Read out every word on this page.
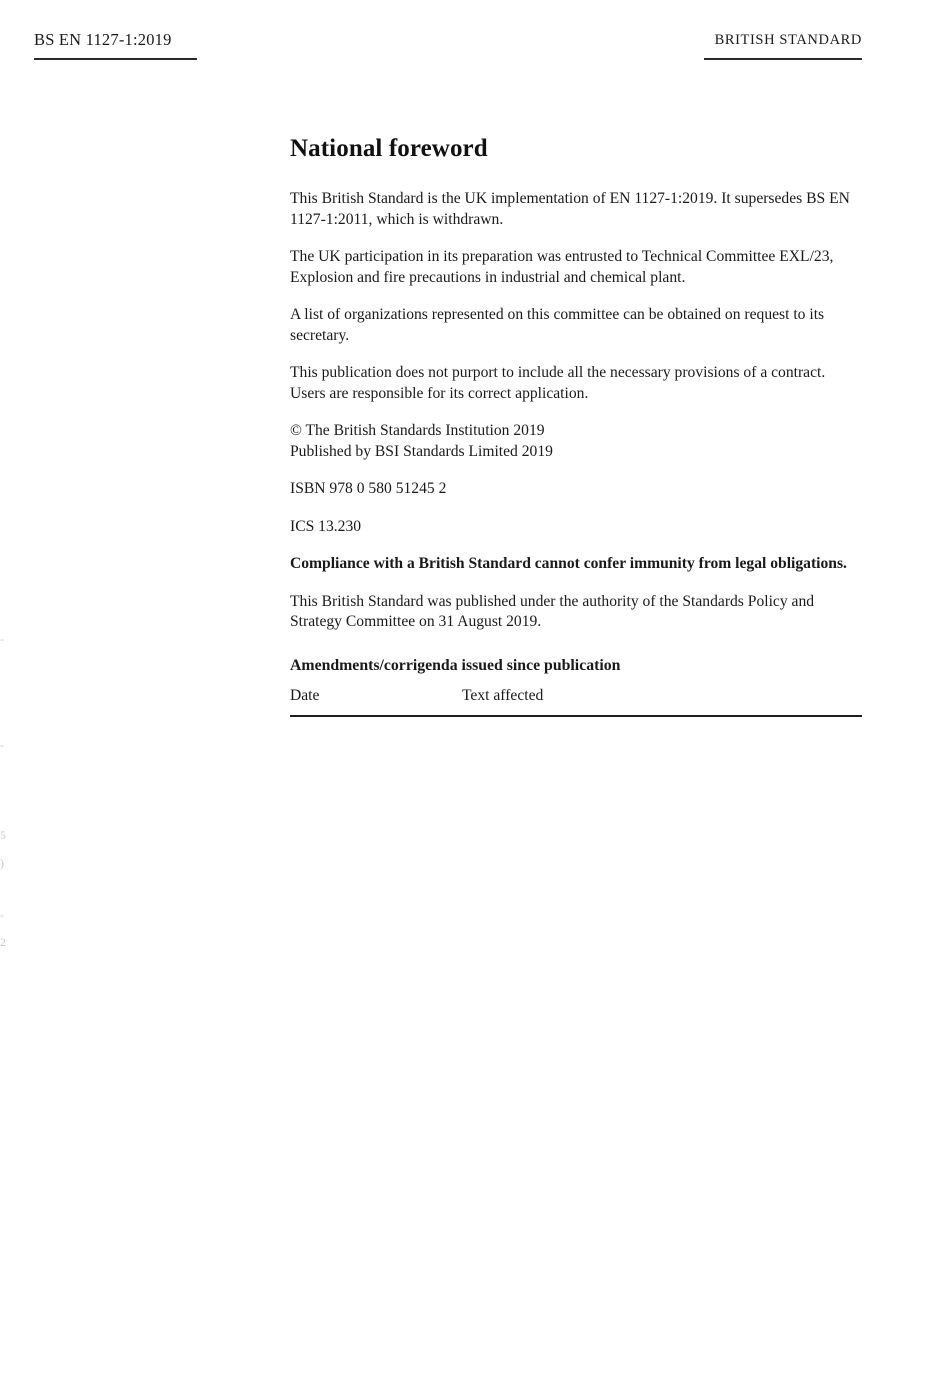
BS EN 1127-1:2019	BRITISH STANDARD
National foreword

This British Standard is the UK implementation of EN 1127-1:2019. It supersedes BS EN 1127-1:2011, which is withdrawn.

The UK participation in its preparation was entrusted to Technical Committee EXL/23, Explosion and fire precautions in industrial and chemical plant.

A list of organizations represented on this committee can be obtained on request to its secretary.

This publication does not purport to include all the necessary provisions of a contract. Users are responsible for its correct application.

© The British Standards Institution 2019
Published by BSI Standards Limited 2019

ISBN 978 0 580 51245 2

ICS 13.230

Compliance with a British Standard cannot confer immunity from legal obligations.

This British Standard was published under the authority of the Standards Policy and Strategy Committee on 31 August 2019.

Amendments/corrigenda issued since publication
Date	Text affected
-
-
5
)
-
2
